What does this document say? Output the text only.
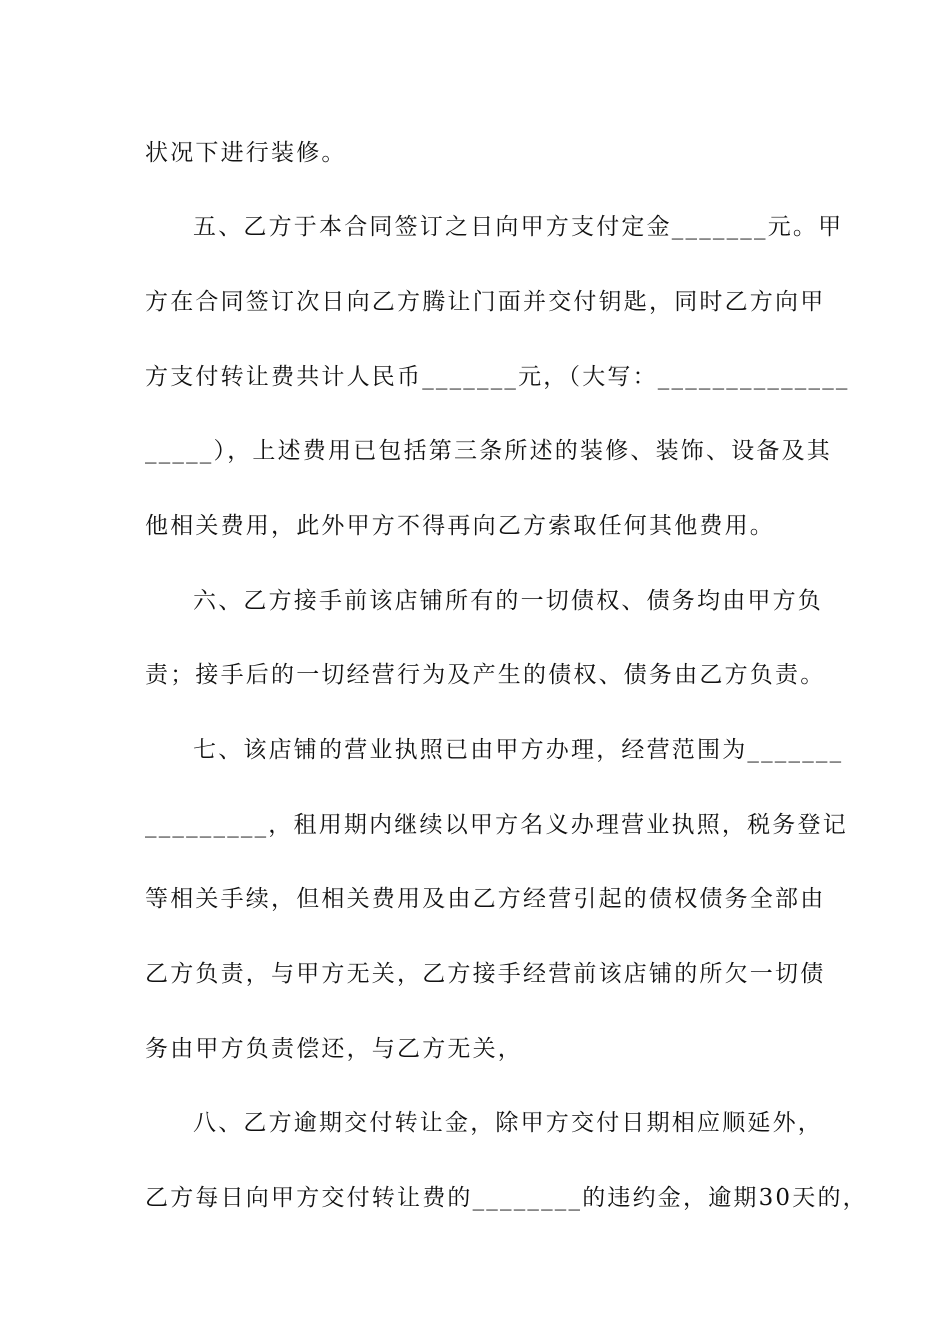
状况下进行装修。
五、乙方于本合同签订之日向甲方支付定金_______元。甲
方在合同签订次日向乙方腾让门面并交付钥匙，同时乙方向甲
方支付转让费共计人民币_______元，（大写：______________
_____），上述费用已包括第三条所述的装修、装饰、设备及其
他相关费用，此外甲方不得再向乙方索取任何其他费用。
六、乙方接手前该店铺所有的一切债权、债务均由甲方负
责；接手后的一切经营行为及产生的债权、债务由乙方负责。
七、该店铺的营业执照已由甲方办理，经营范围为_______
_________，租用期内继续以甲方名义办理营业执照，税务登记
等相关手续，但相关费用及由乙方经营引起的债权债务全部由
乙方负责，与甲方无关，乙方接手经营前该店铺的所欠一切债
务由甲方负责偿还，与乙方无关，
八、乙方逾期交付转让金，除甲方交付日期相应顺延外，
乙方每日向甲方交付转让费的________的违约金，逾期30天的，
